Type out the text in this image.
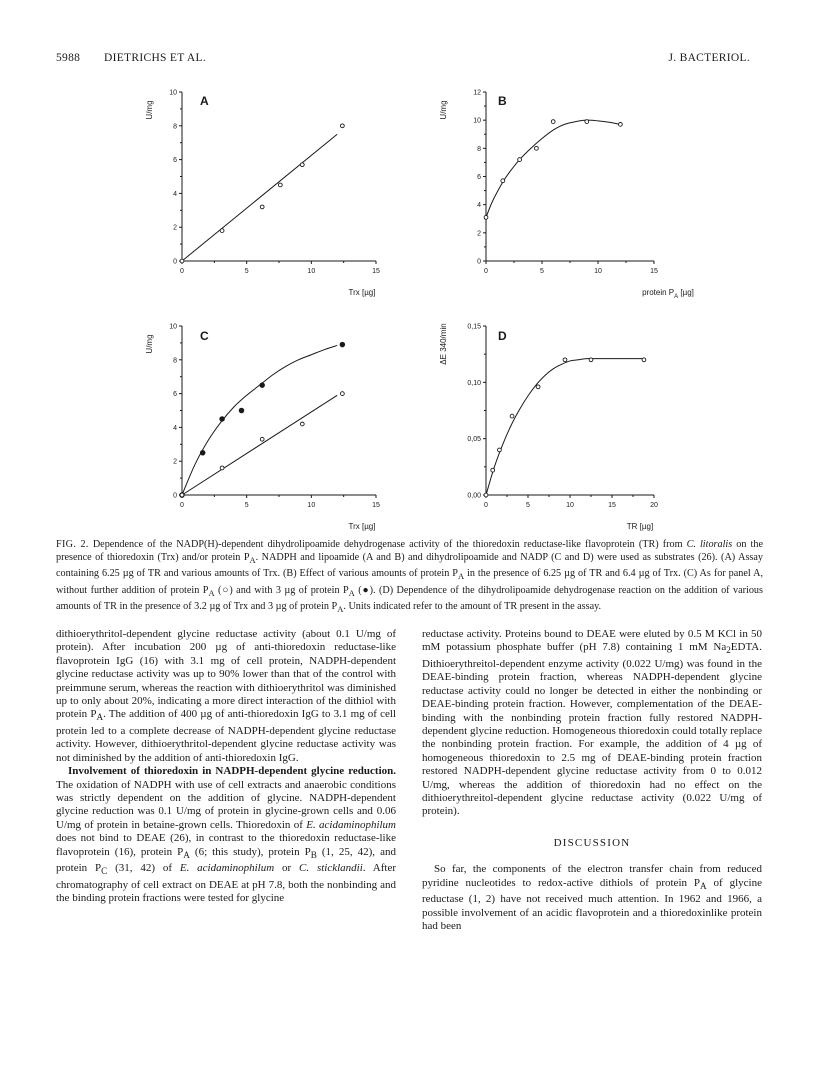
5988 DIETRICHS ET AL.	J. BACTERIOL.
0	5	10	15
0
2
4
6
8
10
U/mg
Trx [µg]
A
0	5	10	15
0
2
4
6
8
10
12
U/mg
protein $P_A$ [µg]
B
0	5	10	15
0
2
4
6
8
10
U/mg
Trx [µg]
C
0	5	10	15	20
0,00
0,05
0,10
0,15
ΔE 340/min
TR [µg]
D
FIG. 2. Dependence of the NADP(H)-dependent dihydrolipoamide dehydrogenase activity of the thioredoxin reductase-like flavoprotein (TR) from C. litoralis on the presence of thioredoxin (Trx) and/or protein $P_A$. NADPH and lipoamide (A and B) and dihydrolipoamide and NADP (C and D) were used as substrates (26). (A) Assay containing 6.25 µg of TR and various amounts of Trx. (B) Effect of various amounts of protein $P_A$ in the presence of 6.25 µg of TR and 6.4 µg of Trx. (C) As for panel A, without further addition of protein $P_A$ (○) and with 3 µg of protein $P_A$ (●). (D) Dependence of the dihydrolipoamide dehydrogenase reaction on the addition of various amounts of TR in the presence of 3.2 µg of Trx and 3 µg of protein $P_A$. Units indicated refer to the amount of TR present in the assay.

dithioerythritol-dependent glycine reductase activity (about 0.1 U/mg of protein). After incubation 200 µg of anti-thioredoxin reductase-like flavoprotein IgG (16) with 3.1 mg of cell protein, NADPH-dependent glycine reductase activity was up to 90% lower than that of the control with preimmune serum, whereas the reaction with dithioerythritol was diminished up to only about 20%, indicating a more direct interaction of the dithiol with protein $P_A$. The addition of 400 µg of anti-thioredoxin IgG to 3.1 mg of cell protein led to a complete decrease of NADPH-dependent glycine reductase activity. However, dithioerythritol-dependent glycine reductase activity was not diminished by the addition of anti-thioredoxin IgG.

Involvement of thioredoxin in NADPH-dependent glycine reduction. The oxidation of NADPH with use of cell extracts and anaerobic conditions was strictly dependent on the addition of glycine. NADPH-dependent glycine reduction was 0.1 U/mg of protein in glycine-grown cells and 0.06 U/mg of protein in betaine-grown cells. Thioredoxin of E. acidaminophilum does not bind to DEAE (26), in contrast to the thioredoxin reductase-like flavoprotein (16), protein $P_A$ (6; this study), protein $P_B$ (1, 25, 42), and protein $P_C$ (31, 42) of E. acidaminophilum or C. sticklandii. After chromatography of cell extract on DEAE at pH 7.8, both the nonbinding and the binding protein fractions were tested for glycine

reductase activity. Proteins bound to DEAE were eluted by 0.5 M KCl in 50 mM potassium phosphate buffer (pH 7.8) containing 1 mM $Na_2EDTA$. Dithioerythreitol-dependent enzyme activity (0.022 U/mg) was found in the DEAE-binding protein fraction, whereas NADPH-dependent glycine reductase activity could no longer be detected in either the nonbinding or DEAE-binding protein fraction. However, complementation of the DEAE-binding with the nonbinding protein fraction fully restored NADPH-dependent glycine reduction. Homogeneous thioredoxin could totally replace the nonbinding protein fraction. For example, the addition of 4 µg of homogeneous thioredoxin to 2.5 mg of DEAE-binding protein fraction restored NADPH-dependent glycine reductase activity from 0 to 0.012 U/mg, whereas the addition of thioredoxin had no effect on the dithioerythreitol-dependent glycine reductase activity (0.022 U/mg of protein).

DISCUSSION

So far, the components of the electron transfer chain from reduced pyridine nucleotides to redox-active dithiols of protein $P_A$ of glycine reductase (1, 2) have not received much attention. In 1962 and 1966, a possible involvement of an acidic flavoprotein and a thioredoxinlike protein had been
